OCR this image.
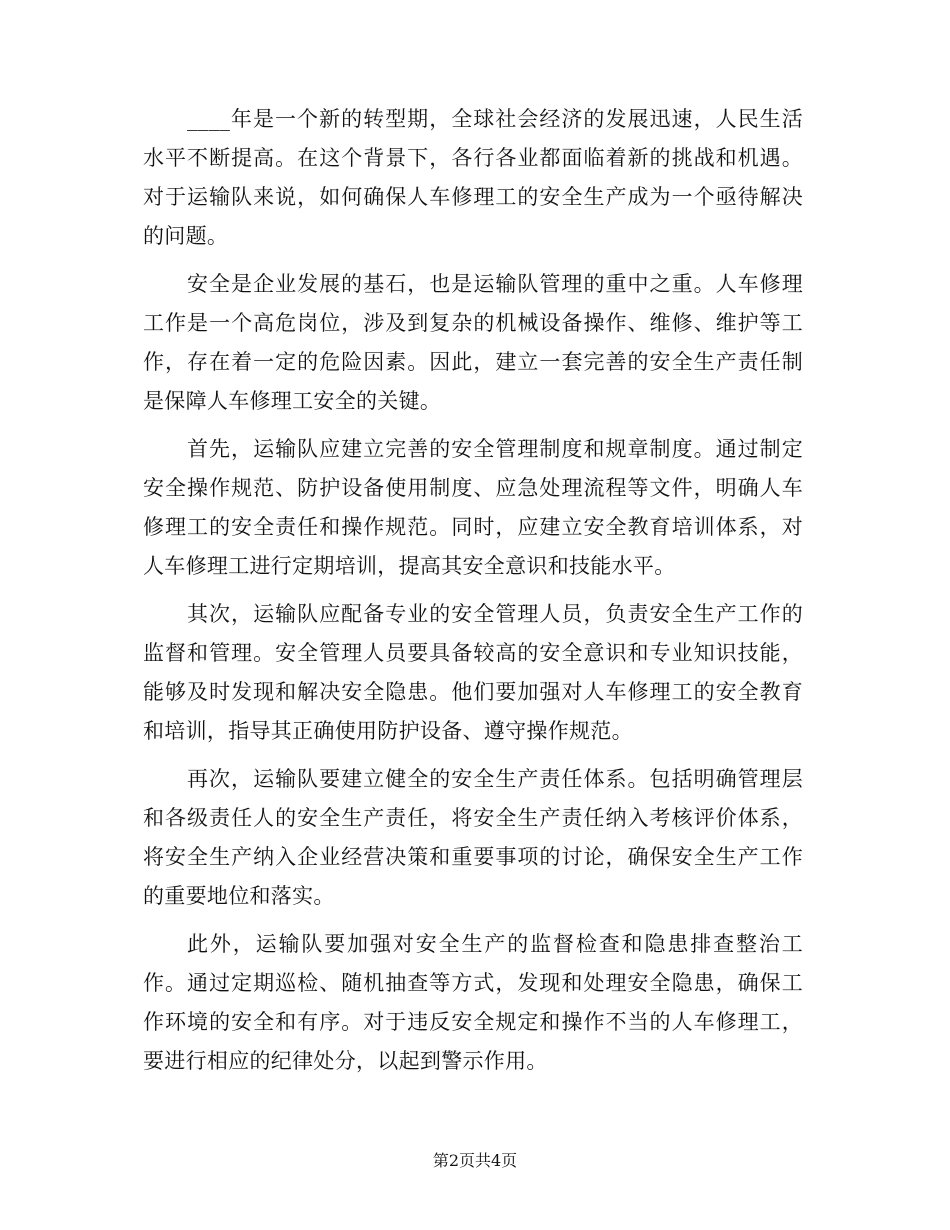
____年是一个新的转型期，全球社会经济的发展迅速，人民生活水平不断提高。在这个背景下，各行各业都面临着新的挑战和机遇。对于运输队来说，如何确保人车修理工的安全生产成为一个亟待解决的问题。

安全是企业发展的基石，也是运输队管理的重中之重。人车修理工作是一个高危岗位，涉及到复杂的机械设备操作、维修、维护等工作，存在着一定的危险因素。因此，建立一套完善的安全生产责任制是保障人车修理工安全的关键。

首先，运输队应建立完善的安全管理制度和规章制度。通过制定安全操作规范、防护设备使用制度、应急处理流程等文件，明确人车修理工的安全责任和操作规范。同时，应建立安全教育培训体系，对人车修理工进行定期培训，提高其安全意识和技能水平。

其次，运输队应配备专业的安全管理人员，负责安全生产工作的监督和管理。安全管理人员要具备较高的安全意识和专业知识技能，能够及时发现和解决安全隐患。他们要加强对人车修理工的安全教育和培训，指导其正确使用防护设备、遵守操作规范。

再次，运输队要建立健全的安全生产责任体系。包括明确管理层和各级责任人的安全生产责任，将安全生产责任纳入考核评价体系，将安全生产纳入企业经营决策和重要事项的讨论，确保安全生产工作的重要地位和落实。

此外，运输队要加强对安全生产的监督检查和隐患排查整治工作。通过定期巡检、随机抽查等方式，发现和处理安全隐患，确保工作环境的安全和有序。对于违反安全规定和操作不当的人车修理工，要进行相应的纪律处分，以起到警示作用。

第2页共4页
